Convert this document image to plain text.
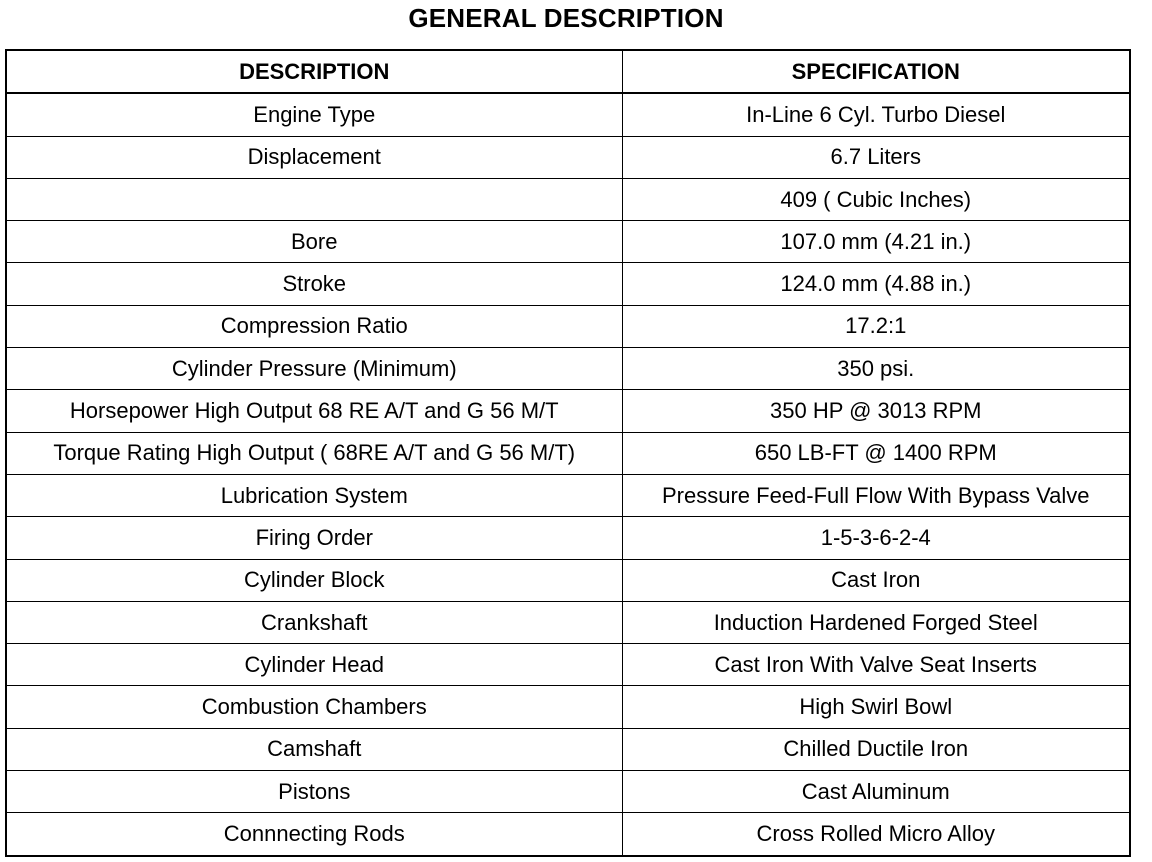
GENERAL DESCRIPTION
DESCRIPTION	SPECIFICATION
Engine Type	In-Line 6 Cyl. Turbo Diesel
Displacement	6.7 Liters
	409 ( Cubic Inches)
Bore	107.0 mm (4.21 in.)
Stroke	124.0 mm (4.88 in.)
Compression Ratio	17.2:1
Cylinder Pressure (Minimum)	350 psi.
Horsepower High Output 68 RE A/T and G 56 M/T	350 HP @ 3013 RPM
Torque Rating High Output ( 68RE A/T and G 56 M/T)	650 LB-FT @ 1400 RPM
Lubrication System	Pressure Feed-Full Flow With Bypass Valve
Firing Order	1-5-3-6-2-4
Cylinder Block	Cast Iron
Crankshaft	Induction Hardened Forged Steel
Cylinder Head	Cast Iron With Valve Seat Inserts
Combustion Chambers	High Swirl Bowl
Camshaft	Chilled Ductile Iron
Pistons	Cast Aluminum
Connnecting Rods	Cross Rolled Micro Alloy
